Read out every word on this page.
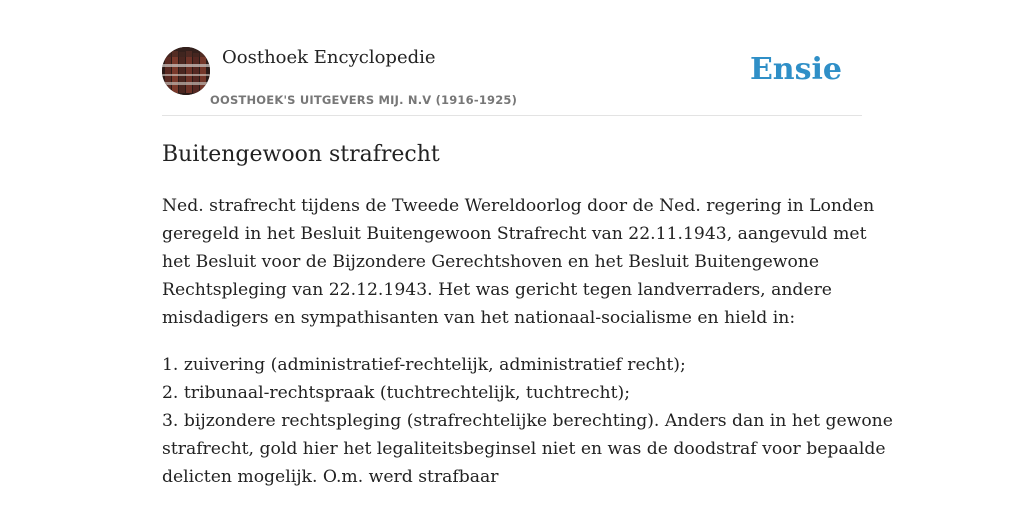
Oosthoek Encyclopedie
OOSTHOEK'S UITGEVERS MIJ. N.V (1916-1925)
Ensie
Buitengewoon strafrecht

Ned. strafrecht tijdens de Tweede Wereldoorlog door de Ned. regering in Londen
geregeld in het Besluit Buitengewoon Strafrecht van 22.11.1943, aangevuld met
het Besluit voor de Bijzondere Gerechtshoven en het Besluit Buitengewone
Rechtspleging van 22.12.1943. Het was gericht tegen landverraders, andere
misdadigers en sympathisanten van het nationaal-socialisme en hield in:

1. zuivering (administratief-rechtelijk, administratief recht);
2. tribunaal-rechtspraak (tuchtrechtelijk, tuchtrecht);
3. bijzondere rechtspleging (strafrechtelijke berechting). Anders dan in het gewone
strafrecht, gold hier het legaliteitsbeginsel niet en was de doodstraf voor bepaalde
delicten mogelijk. O.m. werd strafbaar
